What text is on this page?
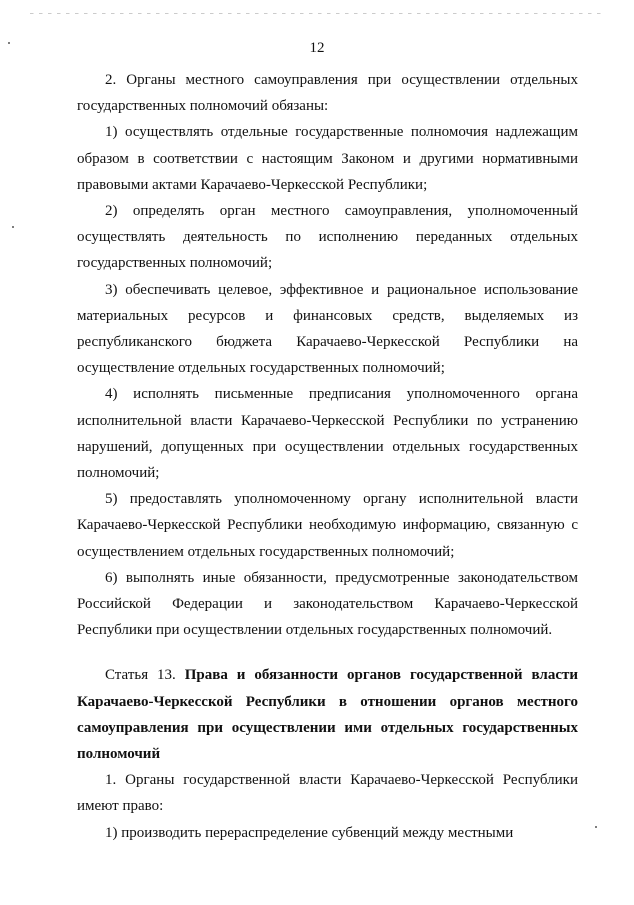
12

2. Органы местного самоуправления при осуществлении отдельных государственных полномочий обязаны:

1) осуществлять отдельные государственные полномочия надлежащим образом в соответствии с настоящим Законом и другими нормативными правовыми актами Карачаево-Черкесской Республики;

2) определять орган местного самоуправления, уполномоченный осуществлять деятельность по исполнению переданных отдельных государственных полномочий;

3) обеспечивать целевое, эффективное и рациональное использование материальных ресурсов и финансовых средств, выделяемых из республиканского бюджета Карачаево-Черкесской Республики на осуществление отдельных государственных полномочий;

4) исполнять письменные предписания уполномоченного органа исполнительной власти Карачаево-Черкесской Республики по устранению нарушений, допущенных при осуществлении отдельных государственных полномочий;

5) предоставлять уполномоченному органу исполнительной власти Карачаево-Черкесской Республики необходимую информацию, связанную с осуществлением отдельных государственных полномочий;

6) выполнять иные обязанности, предусмотренные законодательством Российской Федерации и законодательством Карачаево-Черкесской Республики при осуществлении отдельных государственных полномочий.

Статья 13. Права и обязанности органов государственной власти Карачаево-Черкесской Республики в отношении органов местного самоуправления при осуществлении ими отдельных государственных полномочий

1. Органы государственной власти Карачаево-Черкесской Республики имеют право:

1) производить перераспределение субвенций между местными
